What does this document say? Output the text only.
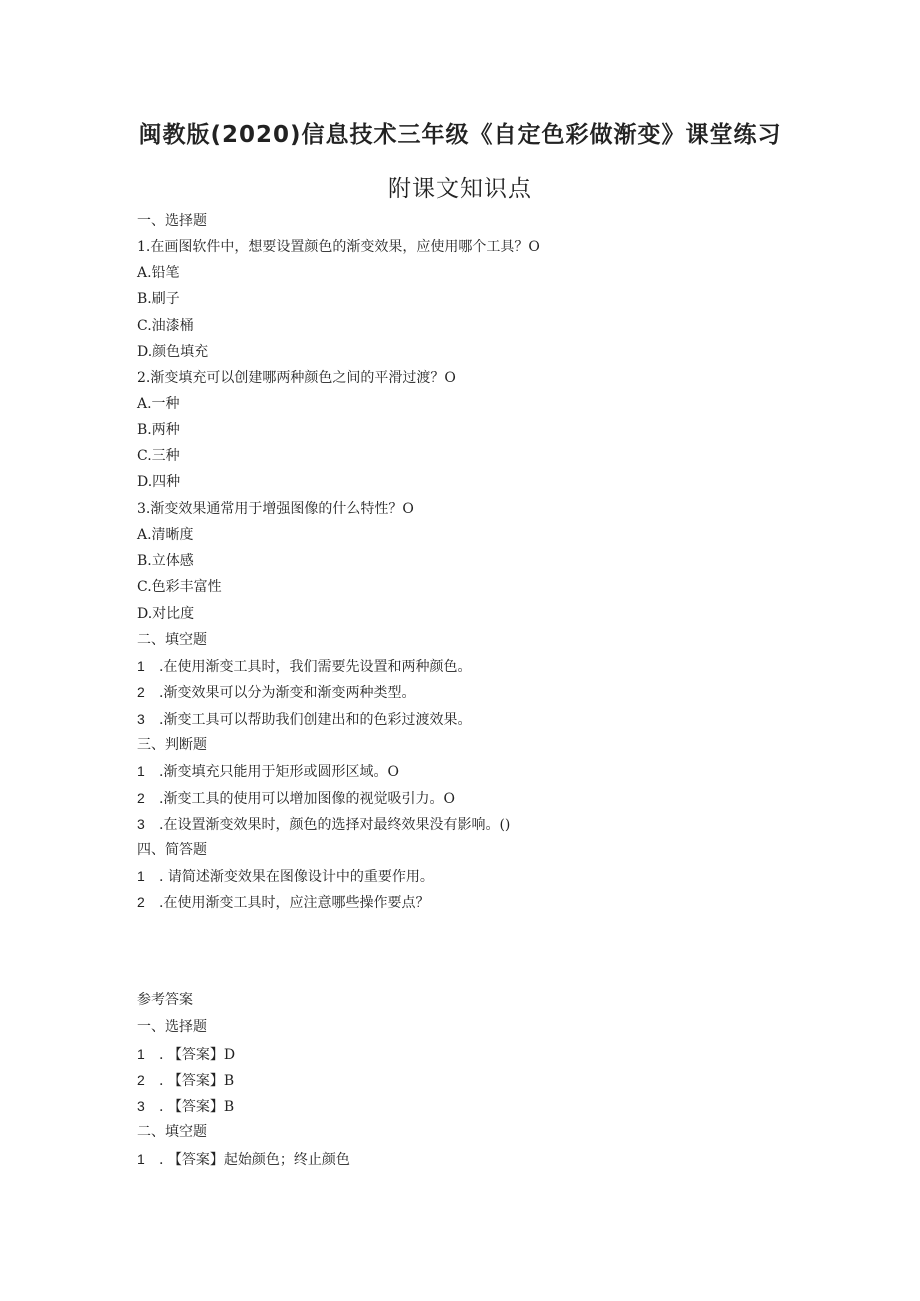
闽教版(2020)信息技术三年级《自定色彩做渐变》课堂练习
附课文知识点
一、选择题
1.在画图软件中，想要设置颜色的渐变效果，应使用哪个工具？O
A.铅笔
B.刷子
C.油漆桶
D.颜色填充
2.渐变填充可以创建哪两种颜色之间的平滑过渡？O
A.一种
B.两种
C.三种
D.四种
3.渐变效果通常用于增强图像的什么特性？O
A.清晰度
B.立体感
C.色彩丰富性
D.对比度
二、填空题
1 .在使用渐变工具时，我们需要先设置和两种颜色。
2 .渐变效果可以分为渐变和渐变两种类型。
3 .渐变工具可以帮助我们创建出和的色彩过渡效果。
三、判断题
1 .渐变填充只能用于矩形或圆形区域。O
2 .渐变工具的使用可以增加图像的视觉吸引力。O
3 .在设置渐变效果时，颜色的选择对最终效果没有影响。()
四、简答题
1 . 请简述渐变效果在图像设计中的重要作用。
2 .在使用渐变工具时，应注意哪些操作要点？
参考答案
一、选择题
1 . 【答案】D
2 . 【答案】B
3 . 【答案】B
二、填空题
1 . 【答案】起始颜色；终止颜色
